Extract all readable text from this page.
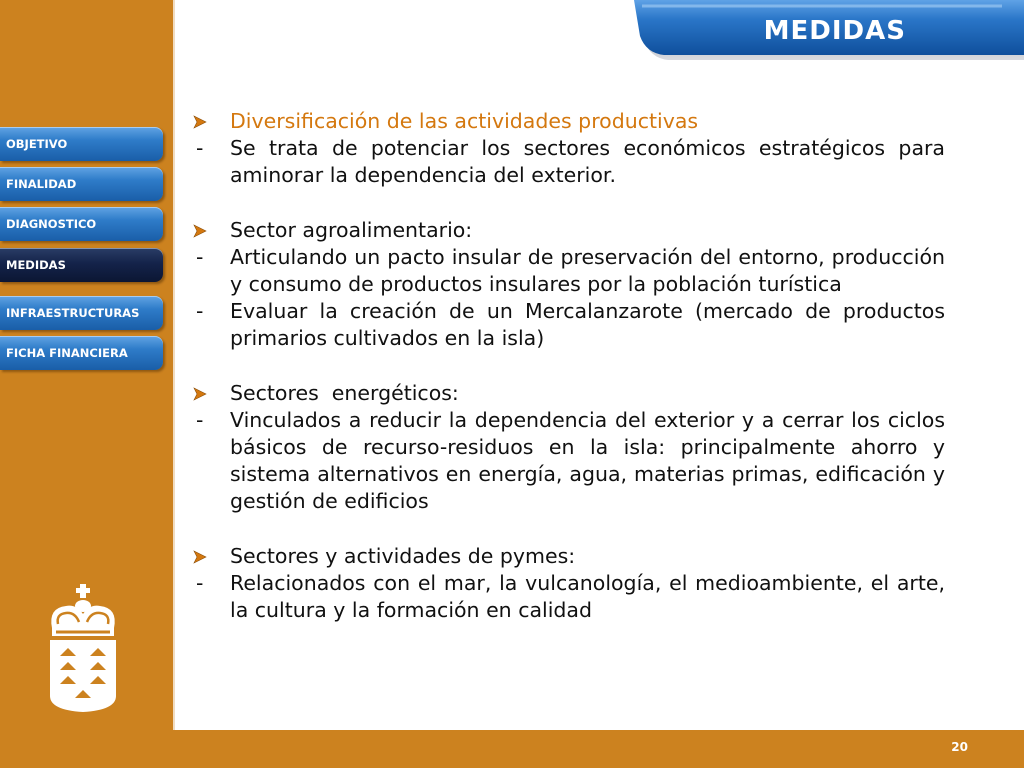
MEDIDAS
OBJETIVO
FINALIDAD
DIAGNOSTICO
MEDIDAS
INFRAESTRUCTURAS
FICHA FINANCIERA
Diversificación de las actividades productivas
- Se trata de potenciar los sectores económicos estratégicos para aminorar la dependencia del exterior.
Sector agroalimentario:
- Articulando un pacto insular de preservación del entorno, producción y consumo de productos insulares por la población turística
- Evaluar la creación de un Mercalanzarote (mercado de productos primarios cultivados en la isla)
Sectores  energéticos:
- Vinculados a reducir la dependencia del exterior y a cerrar los ciclos básicos de recurso-residuos en la isla: principalmente ahorro y sistema alternativos en energía, agua, materias primas, edificación y gestión de edificios
Sectores y actividades de pymes:
- Relacionados con el mar, la vulcanología, el medioambiente, el arte, la cultura y la formación en calidad
20
